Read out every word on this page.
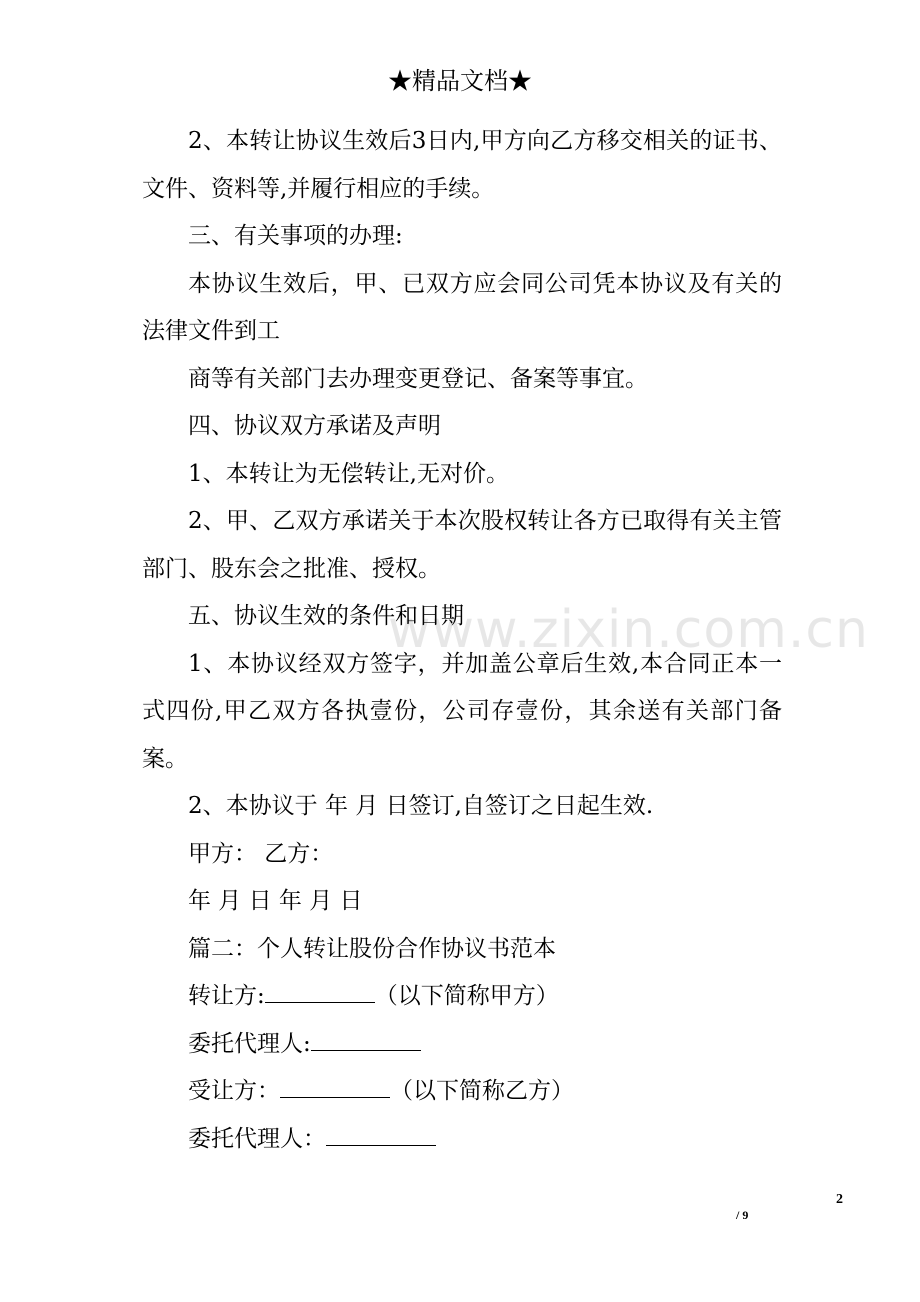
★精品文档★
www.zixin.com.cn

2、本转让协议生效后3日内,甲方向乙方移交相关的证书、文件、资料等,并履行相应的手续。

三、有关事项的办理:

本协议生效后，甲、已双方应会同公司凭本协议及有关的法律文件到工

商等有关部门去办理变更登记、备案等事宜。

四、协议双方承诺及声明

1、本转让为无偿转让,无对价。

2、甲、乙双方承诺关于本次股权转让各方已取得有关主管部门、股东会之批准、授权。

五、协议生效的条件和日期

1、本协议经双方签字，并加盖公章后生效,本合同正本一式四份,甲乙双方各执壹份，公司存壹份，其余送有关部门备案。

2、本协议于 年 月 日签订,自签订之日起生效.

甲方： 乙方：

年 月 日 年 月 日

篇二：个人转让股份合作协议书范本

转让方:	（以下简称甲方）

委托代理人:

受让方：	（以下简称乙方）

委托代理人：

2
/ 9
